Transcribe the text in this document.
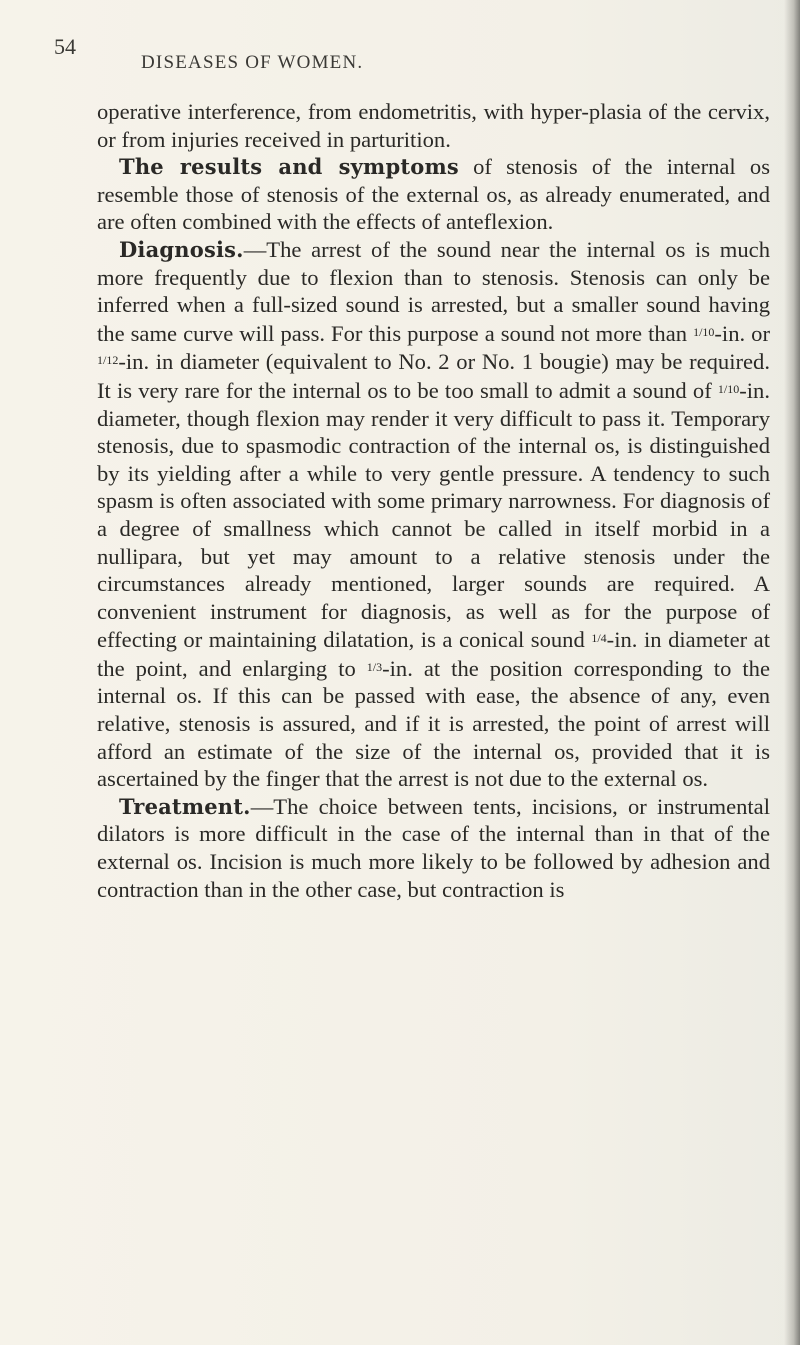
54
DISEASES OF WOMEN.

operative interference, from endometritis, with hyper-plasia of the cervix, or from injuries received in parturition.

The results and symptoms of stenosis of the internal os resemble those of stenosis of the external os, as already enumerated, and are often combined with the effects of anteflexion.

Diagnosis.—The arrest of the sound near the internal os is much more frequently due to flexion than to stenosis. Stenosis can only be inferred when a full-sized sound is arrested, but a smaller sound having the same curve will pass. For this purpose a sound not more than $^{1/10}$-in. or $^{1/12}$-in. in diameter (equivalent to No. 2 or No. 1 bougie) may be required. It is very rare for the internal os to be too small to admit a sound of $^{1/10}$-in. diameter, though flexion may render it very difficult to pass it. Temporary stenosis, due to spasmodic contraction of the internal os, is distinguished by its yielding after a while to very gentle pressure. A tendency to such spasm is often associated with some primary narrowness. For diagnosis of a degree of smallness which cannot be called in itself morbid in a nullipara, but yet may amount to a relative stenosis under the circumstances already mentioned, larger sounds are required. A convenient instrument for diagnosis, as well as for the purpose of effecting or maintaining dilatation, is a conical sound $^{1/4}$-in. in diameter at the point, and enlarging to $^{1/3}$-in. at the position corresponding to the internal os. If this can be passed with ease, the absence of any, even relative, stenosis is assured, and if it is arrested, the point of arrest will afford an estimate of the size of the internal os, provided that it is ascertained by the finger that the arrest is not due to the external os.

Treatment.—The choice between tents, incisions, or instrumental dilators is more difficult in the case of the internal than in that of the external os. Incision is much more likely to be followed by adhesion and contraction than in the other case, but contraction is
